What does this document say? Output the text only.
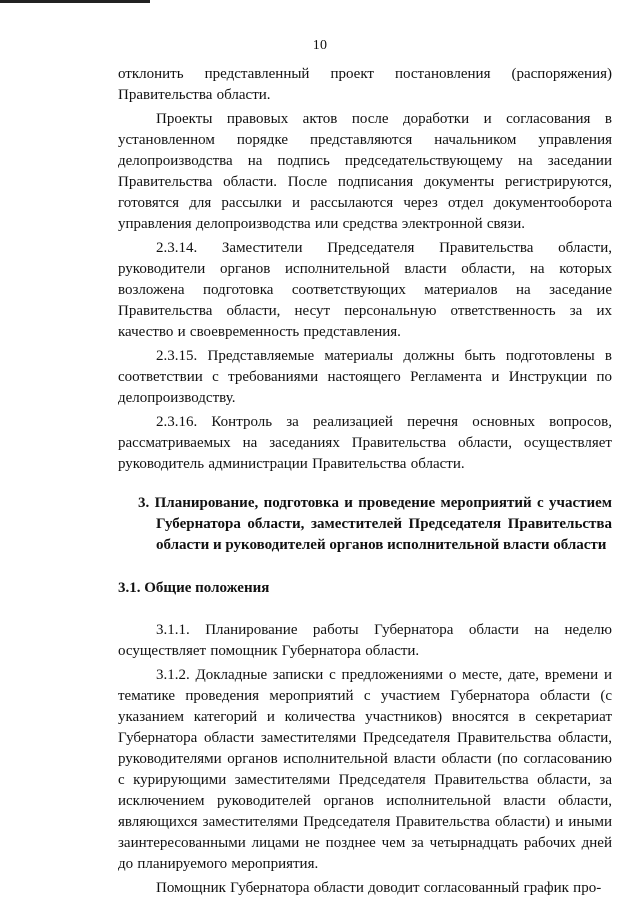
10

отклонить представленный проект постановления (распоряжения) Правительства области.

Проекты правовых актов после доработки и согласования в установленном порядке представляются начальником управления делопроизводства на подпись председательствующему на заседании Правительства области. После подписания документы регистрируются, готовятся для рассылки и рассылаются через отдел документооборота управления делопроизводства или средства электронной связи.

2.3.14. Заместители Председателя Правительства области, руководители органов исполнительной власти области, на которых возложена подготовка соответствующих материалов на заседание Правительства области, несут персональную ответственность за их качество и своевременность представления.

2.3.15. Представляемые материалы должны быть подготовлены в соответствии с требованиями настоящего Регламента и Инструкции по делопроизводству.

2.3.16. Контроль за реализацией перечня основных вопросов, рассматриваемых на заседаниях Правительства области, осуществляет руководитель администрации Правительства области.

3. Планирование, подготовка и проведение мероприятий с участием Губернатора области, заместителей Председателя Правительства области и руководителей органов исполнительной власти области
3.1. Общие положения

3.1.1. Планирование работы Губернатора области на неделю осуществляет помощник Губернатора области.

3.1.2. Докладные записки с предложениями о месте, дате, времени и тематике проведения мероприятий с участием Губернатора области (с указанием категорий и количества участников) вносятся в секретариат Губернатора области заместителями Председателя Правительства области, руководителями органов исполнительной власти области (по согласованию с курирующими заместителями Председателя Правительства области, за исключением руководителей органов исполнительной власти области, являющихся заместителями Председателя Правительства области) и иными заинтересованными лицами не позднее чем за четырнадцать рабочих дней до планируемого мероприятия.

Помощник Губернатора области доводит согласованный график про-
